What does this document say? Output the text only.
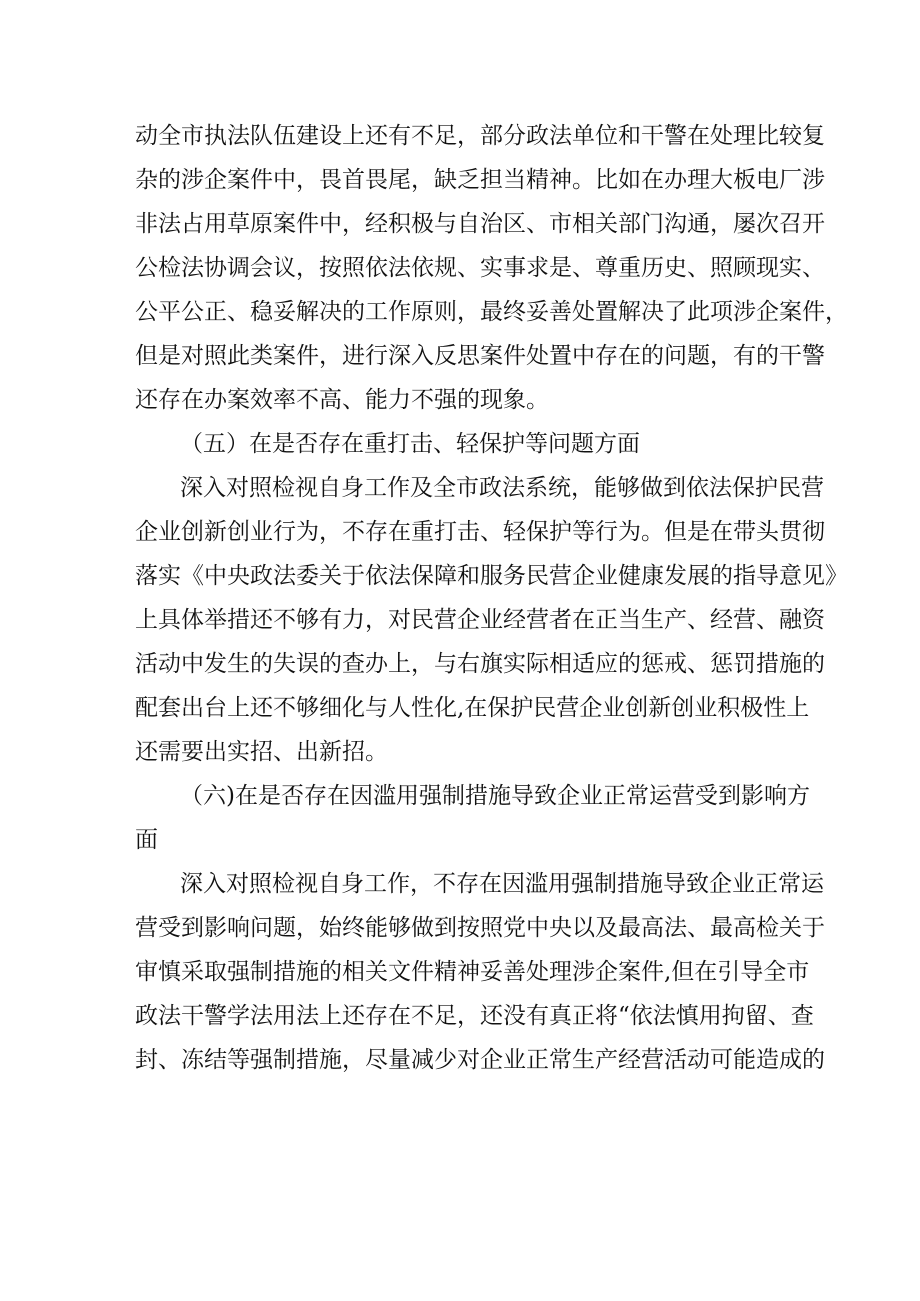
动全市执法队伍建设上还有不足，部分政法单位和干警在处理比较复
杂的涉企案件中，畏首畏尾，缺乏担当精神。比如在办理大板电厂涉
非法占用草原案件中，经积极与自治区、市相关部门沟通，屡次召开
公检法协调会议，按照依法依规、实事求是、尊重历史、照顾现实、
公平公正、稳妥解决的工作原则，最终妥善处置解决了此项涉企案件，
但是对照此类案件，进行深入反思案件处置中存在的问题，有的干警
还存在办案效率不高、能力不强的现象。
（五）在是否存在重打击、轻保护等问题方面
深入对照检视自身工作及全市政法系统，能够做到依法保护民营
企业创新创业行为，不存在重打击、轻保护等行为。但是在带头贯彻
落实《中央政法委关于依法保障和服务民营企业健康发展的指导意见》
上具体举措还不够有力，对民营企业经营者在正当生产、经营、融资
活动中发生的失误的查办上，与右旗实际相适应的惩戒、惩罚措施的
配套出台上还不够细化与人性化,在保护民营企业创新创业积极性上
还需要出实招、出新招。
（六)在是否存在因滥用强制措施导致企业正常运营受到影响方
面
深入对照检视自身工作，不存在因滥用强制措施导致企业正常运
营受到影响问题，始终能够做到按照党中央以及最高法、最高检关于
审慎采取强制措施的相关文件精神妥善处理涉企案件,但在引导全市
政法干警学法用法上还存在不足，还没有真正将“依法慎用拘留、查
封、冻结等强制措施，尽量减少对企业正常生产经营活动可能造成的
